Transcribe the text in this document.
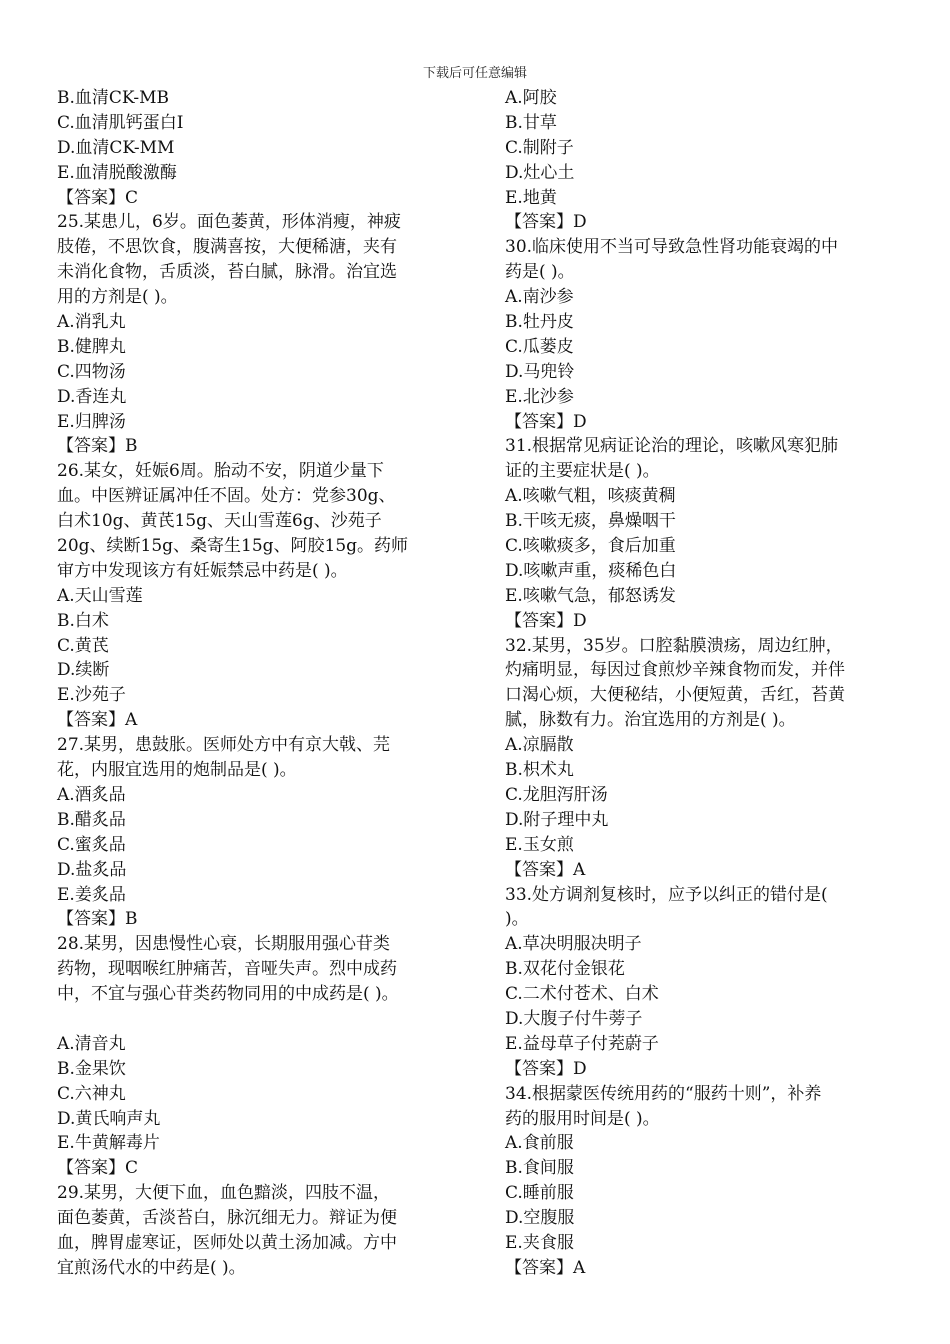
下载后可任意编辑
B.血清CK-MB
C.血清肌钙蛋白I
D.血清CK-MM
E.血清脱酸激酶
【答案】C
25.某患儿，6岁。面色萎黄，形体消瘦，神疲
肢倦，不思饮食，腹满喜按，大便稀溏，夹有
未消化食物，舌质淡，苔白腻，脉滑。治宜选
用的方剂是( )。
A.消乳丸
B.健脾丸
C.四物汤
D.香连丸
E.归脾汤
【答案】B
26.某女，妊娠6周。胎动不安，阴道少量下
血。中医辨证属冲任不固。处方：党参30g、
白术10g、黄芪15g、天山雪莲6g、沙苑子
20g、续断15g、桑寄生15g、阿胶15g。药师
审方中发现该方有妊娠禁忌中药是( )。
A.天山雪莲
B.白术
C.黄芪
D.续断
E.沙苑子
【答案】A
27.某男，患鼓胀。医师处方中有京大戟、芫
花，内服宜选用的炮制品是( )。
A.酒炙品
B.醋炙品
C.蜜炙品
D.盐炙品
E.姜炙品
【答案】B
28.某男，因患慢性心衰，长期服用强心苷类
药物，现咽喉红肿痛苦，音哑失声。烈中成药
中，不宜与强心苷类药物同用的中成药是( )。
A.清音丸
B.金果饮
C.六神丸
D.黄氏响声丸
E.牛黄解毒片
【答案】C
29.某男，大便下血，血色黯淡，四肢不温，
面色萎黄，舌淡苔白，脉沉细无力。辩证为便
血，脾胃虚寒证，医师处以黄土汤加减。方中
宜煎汤代水的中药是( )。
A.阿胶
B.甘草
C.制附子
D.灶心土
E.地黄
【答案】D
30.临床使用不当可导致急性肾功能衰竭的中
药是( )。
A.南沙参
B.牡丹皮
C.瓜蒌皮
D.马兜铃
E.北沙参
【答案】D
31.根据常见病证论治的理论，咳嗽风寒犯肺
证的主要症状是( )。
A.咳嗽气粗，咳痰黄稠
B.干咳无痰，鼻燥咽干
C.咳嗽痰多，食后加重
D.咳嗽声重，痰稀色白
E.咳嗽气急，郁怒诱发
【答案】D
32.某男，35岁。口腔黏膜溃疡，周边红肿，
灼痛明显，每因过食煎炒辛辣食物而发，并伴
口渴心烦，大便秘结，小便短黄，舌红，苔黄
腻，脉数有力。治宜选用的方剂是( )。
A.凉膈散
B.枳术丸
C.龙胆泻肝汤
D.附子理中丸
E.玉女煎
【答案】A
33.处方调剂复核时，应予以纠正的错付是(
)。
A.草决明服决明子
B.双花付金银花
C.二术付苍术、白术
D.大腹子付牛蒡子
E.益母草子付茺蔚子
【答案】D
34.根据蒙医传统用药的“服药十则”，补养
药的服用时间是( )。
A.食前服
B.食间服
C.睡前服
D.空腹服
E.夹食服
【答案】A
